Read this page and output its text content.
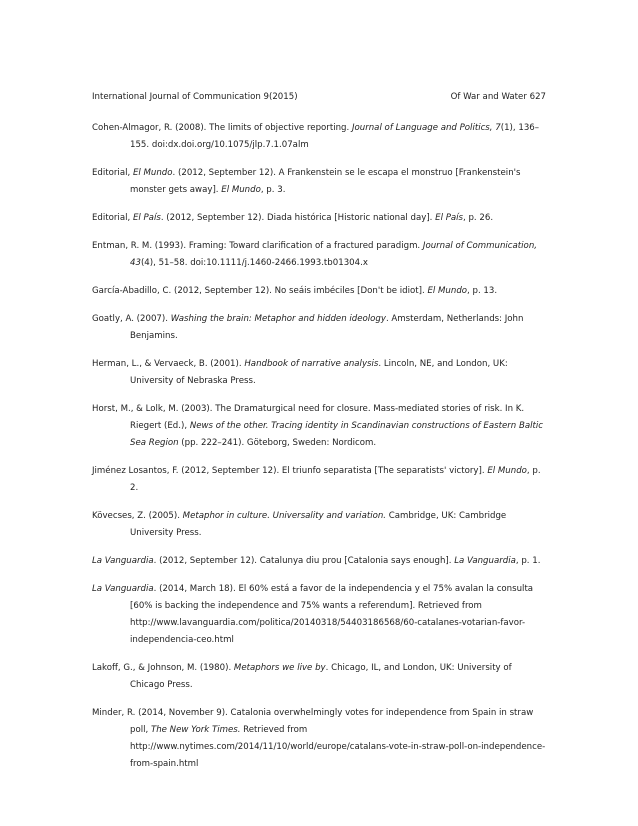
International Journal of Communication 9(2015)	Of War and Water 627

Cohen-Almagor, R. (2008). The limits of objective reporting. Journal of Language and Politics, 7(1), 136–155. doi:dx.doi.org/10.1075/jlp.7.1.07alm

Editorial, El Mundo. (2012, September 12). A Frankenstein se le escapa el monstruo [Frankenstein's monster gets away]. El Mundo, p. 3.

Editorial, El País. (2012, September 12). Diada histórica [Historic national day]. El País, p. 26.

Entman, R. M. (1993). Framing: Toward clarification of a fractured paradigm. Journal of Communication, 43(4), 51–58. doi:10.1111/j.1460-2466.1993.tb01304.x

García-Abadillo, C. (2012, September 12). No seáis imbéciles [Don't be idiot]. El Mundo, p. 13.

Goatly, A. (2007). Washing the brain: Metaphor and hidden ideology. Amsterdam, Netherlands: John Benjamins.

Herman, L., & Vervaeck, B. (2001). Handbook of narrative analysis. Lincoln, NE, and London, UK: University of Nebraska Press.

Horst, M., & Lolk, M. (2003). The Dramaturgical need for closure. Mass-mediated stories of risk. In K. Riegert (Ed.), News of the other. Tracing identity in Scandinavian constructions of Eastern Baltic Sea Region (pp. 222–241). Göteborg, Sweden: Nordicom.

Jiménez Losantos, F. (2012, September 12). El triunfo separatista [The separatists' victory]. El Mundo, p. 2.

Kövecses, Z. (2005). Metaphor in culture. Universality and variation. Cambridge, UK: Cambridge University Press.

La Vanguardia. (2012, September 12). Catalunya diu prou [Catalonia says enough]. La Vanguardia, p. 1.

La Vanguardia. (2014, March 18). El 60% está a favor de la independencia y el 75% avalan la consulta [60% is backing the independence and 75% wants a referendum]. Retrieved from http://www.lavanguardia.com/politica/20140318/54403186568/60-catalanes-votarian-favor-independencia-ceo.html

Lakoff, G., & Johnson, M. (1980). Metaphors we live by. Chicago, IL, and London, UK: University of Chicago Press.

Minder, R. (2014, November 9). Catalonia overwhelmingly votes for independence from Spain in straw poll, The New York Times. Retrieved from http://www.nytimes.com/2014/11/10/world/europe/catalans-vote-in-straw-poll-on-independence-from-spain.html
